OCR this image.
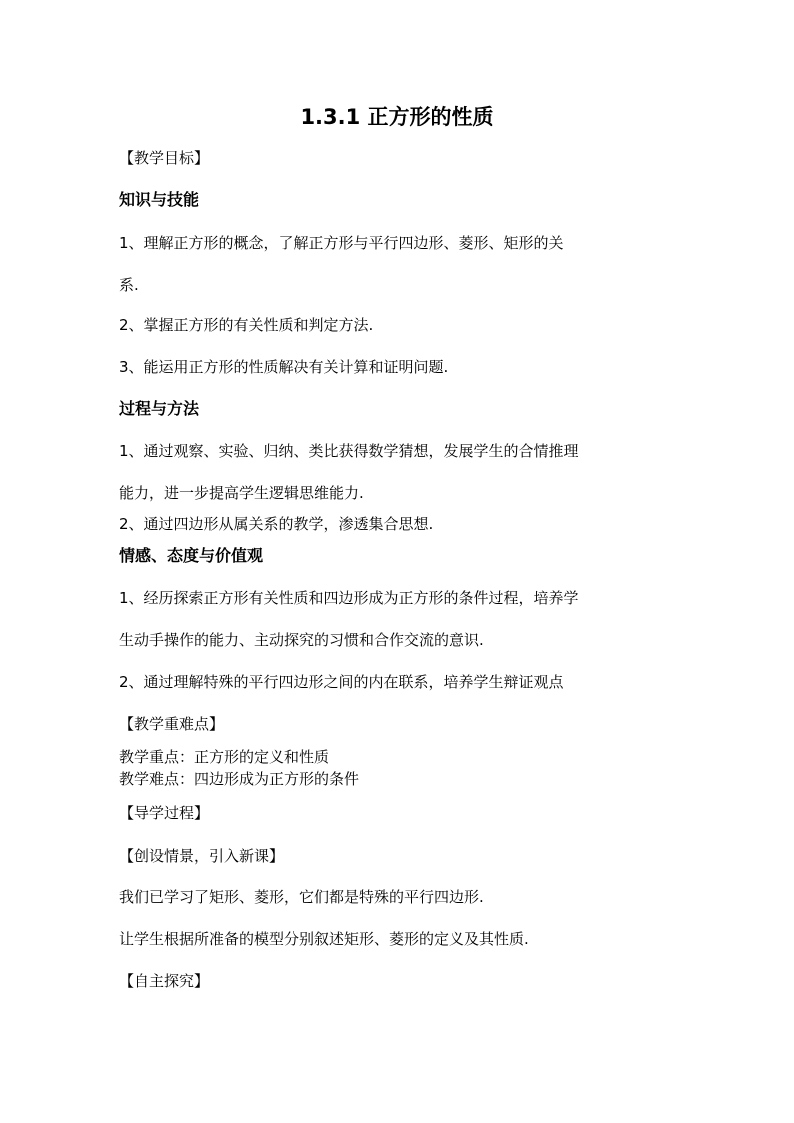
1.3.1 正方形的性质
【教学目标】
知识与技能
1、理解正方形的概念，了解正方形与平行四边形、菱形、矩形的关
系.
2、掌握正方形的有关性质和判定方法.
3、能运用正方形的性质解决有关计算和证明问题.
过程与方法
1、通过观察、实验、归纳、类比获得数学猜想，发展学生的合情推理
能力，进一步提高学生逻辑思维能力.
2、通过四边形从属关系的教学，渗透集合思想.
情感、态度与价值观
1、经历探索正方形有关性质和四边形成为正方形的条件过程，培养学
生动手操作的能力、主动探究的习惯和合作交流的意识.
2、通过理解特殊的平行四边形之间的内在联系，培养学生辩证观点
【教学重难点】
教学重点：正方形的定义和性质
教学难点：四边形成为正方形的条件
【导学过程】
【创设情景，引入新课】
我们已学习了矩形、菱形，它们都是特殊的平行四边形.
让学生根据所准备的模型分别叙述矩形、菱形的定义及其性质.
【自主探究】
